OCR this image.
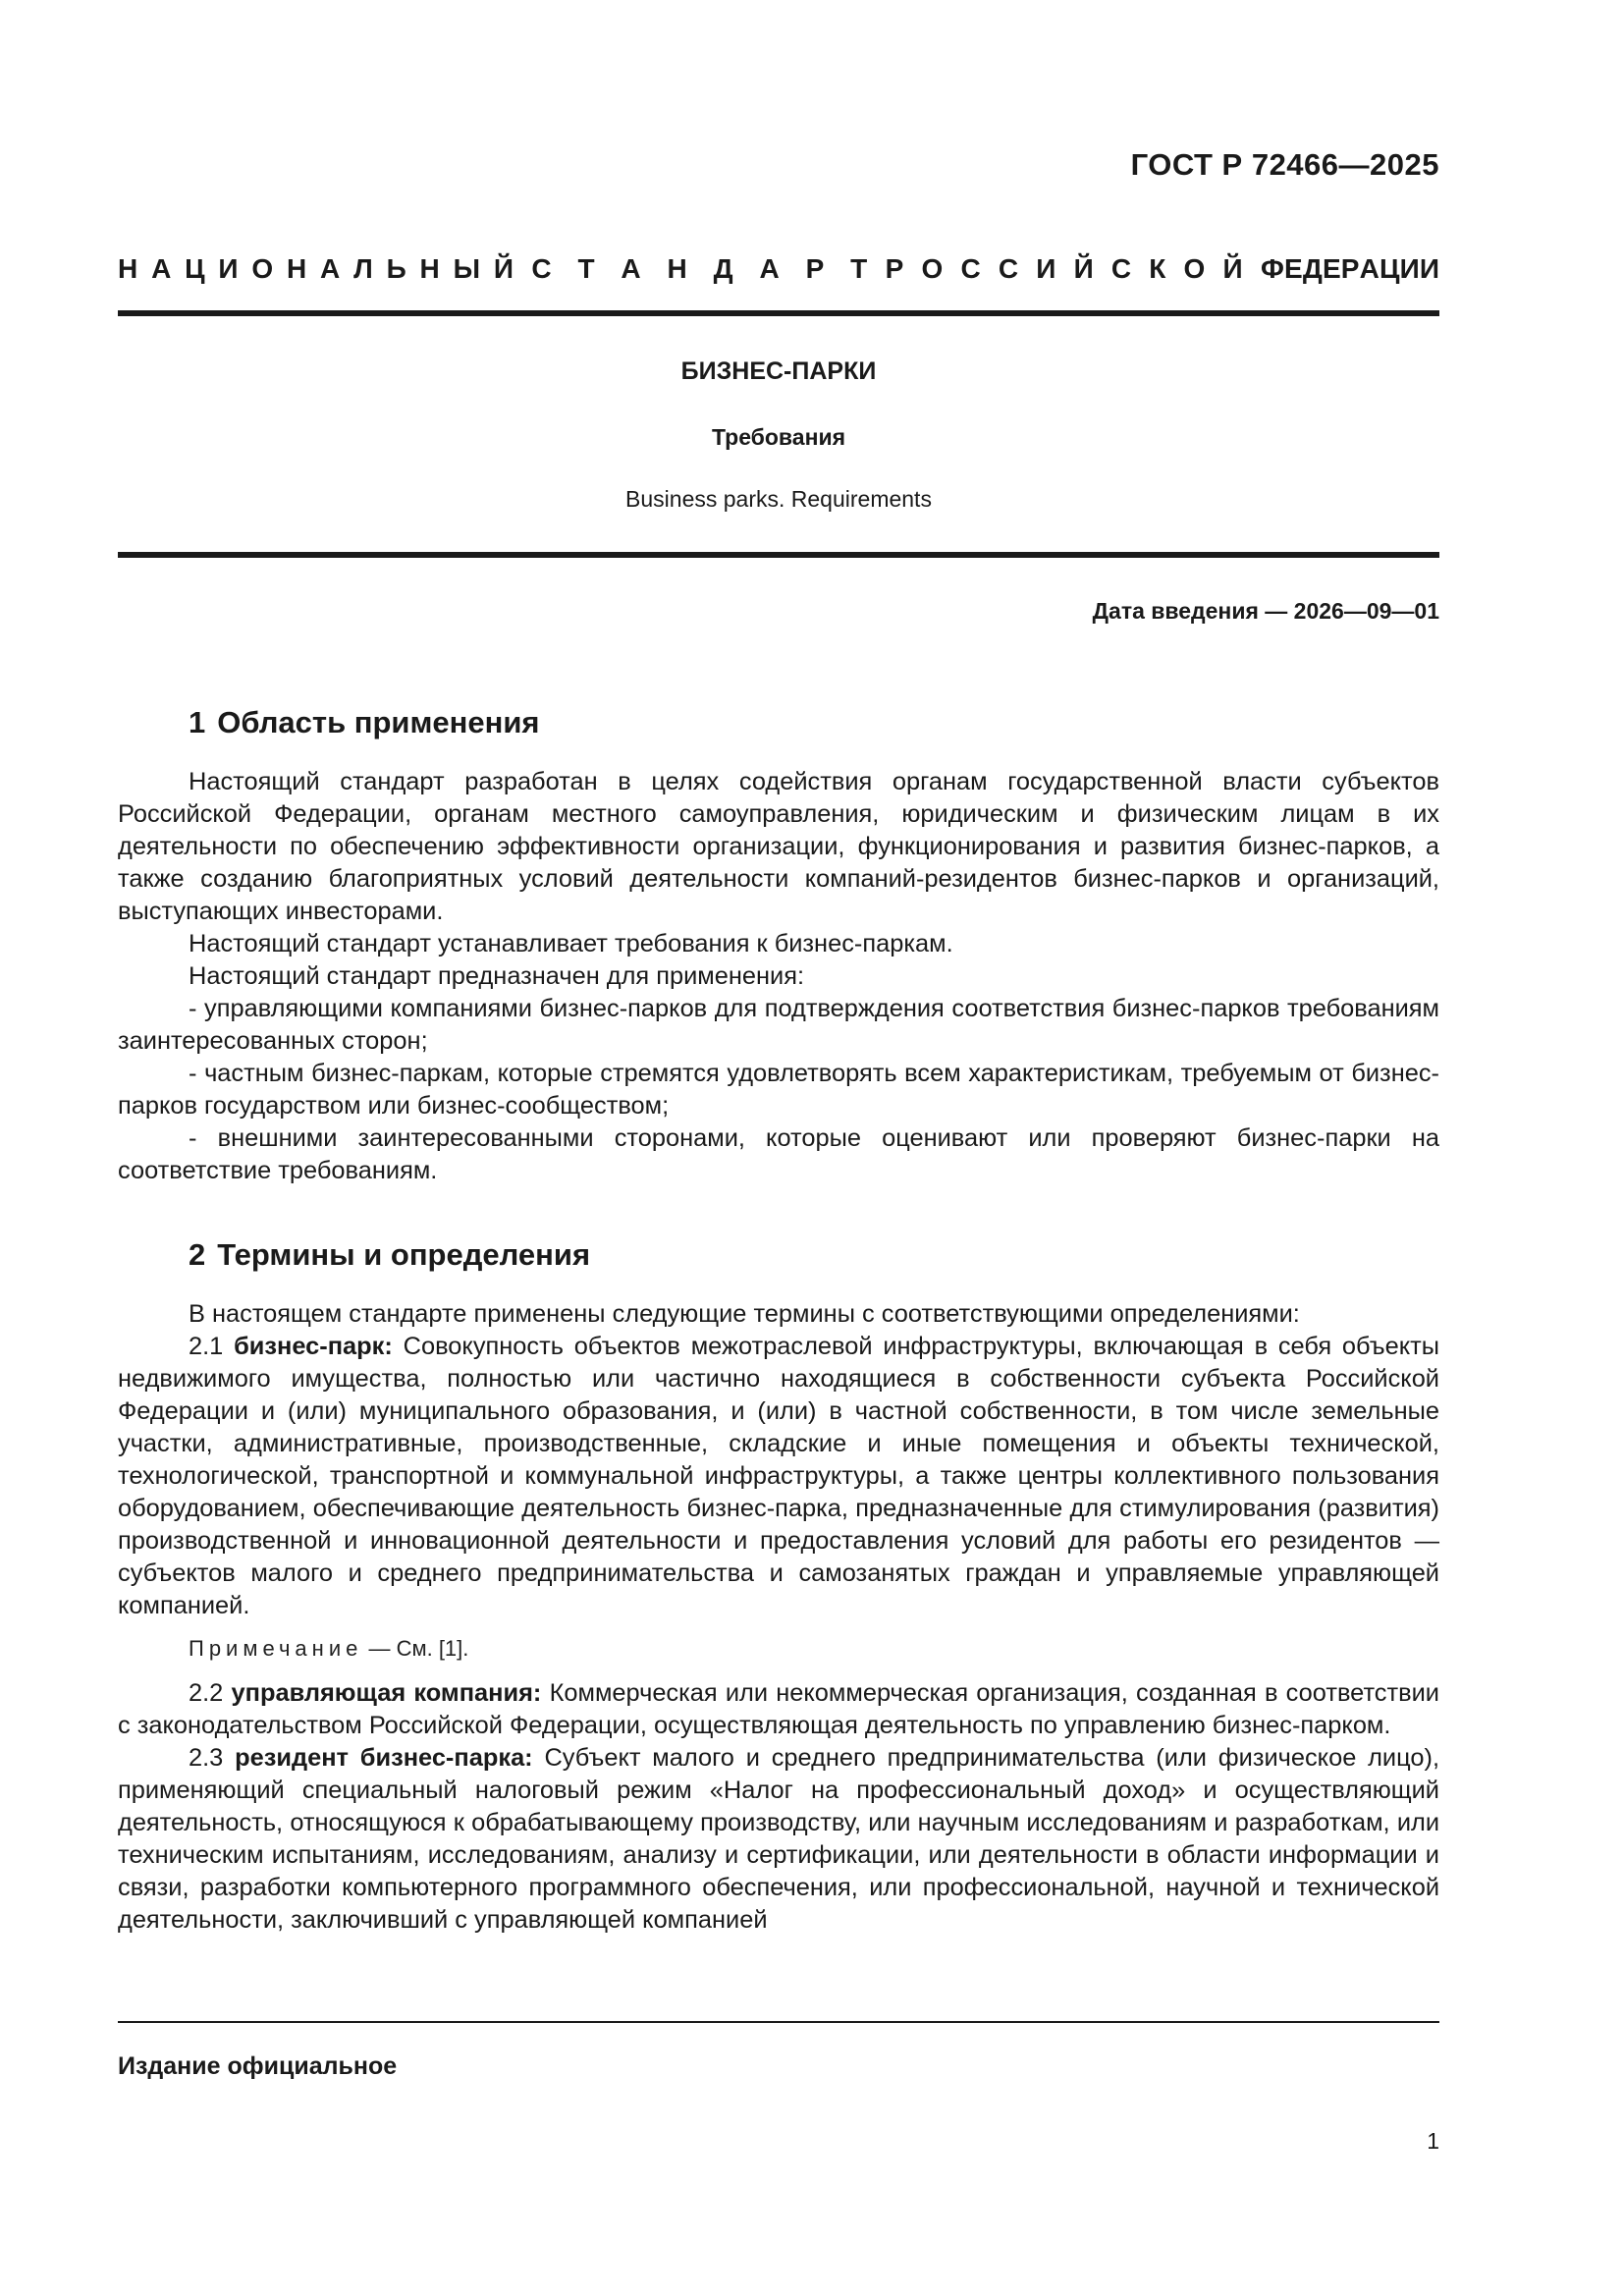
ГОСТ Р 72466—2025
Н А Ц И О Н А Л Ь Н Ы Й С Т А Н Д А Р Т Р О С С И Й С К О Й Ф Е Д Е Р А Ц И И
БИЗНЕС-ПАРКИ
Требования
Business parks. Requirements
Дата введения — 2026—09—01
1 Область применения

Настоящий стандарт разработан в целях содействия органам государственной власти субъектов Российской Федерации, органам местного самоуправления, юридическим и физическим лицам в их деятельности по обеспечению эффективности организации, функционирования и развития бизнес-парков, а также созданию благоприятных условий деятельности компаний-резидентов бизнес-парков и организаций, выступающих инвесторами.

Настоящий стандарт устанавливает требования к бизнес-паркам.

Настоящий стандарт предназначен для применения:

- управляющими компаниями бизнес-парков для подтверждения соответствия бизнес-парков требованиям заинтересованных сторон;

- частным бизнес-паркам, которые стремятся удовлетворять всем характеристикам, требуемым от бизнес-парков государством или бизнес-сообществом;

- внешними заинтересованными сторонами, которые оценивают или проверяют бизнес-парки на соответствие требованиям.

2 Термины и определения

В настоящем стандарте применены следующие термины с соответствующими определениями:

2.1 бизнес-парк: Совокупность объектов межотраслевой инфраструктуры, включающая в себя объекты недвижимого имущества, полностью или частично находящиеся в собственности субъекта Российской Федерации и (или) муниципального образования, и (или) в частной собственности, в том числе земельные участки, административные, производственные, складские и иные помещения и объекты технической, технологической, транспортной и коммунальной инфраструктуры, а также центры коллективного пользования оборудованием, обеспечивающие деятельность бизнес-парка, предназначенные для стимулирования (развития) производственной и инновационной деятельности и предоставления условий для работы его резидентов — субъектов малого и среднего предпринимательства и самозанятых граждан и управляемые управляющей компанией.

Примечание — См. [1].

2.2 управляющая компания: Коммерческая или некоммерческая организация, созданная в соответствии с законодательством Российской Федерации, осуществляющая деятельность по управлению бизнес-парком.

2.3 резидент бизнес-парка: Субъект малого и среднего предпринимательства (или физическое лицо), применяющий специальный налоговый режим «Налог на профессиональный доход» и осуществляющий деятельность, относящуюся к обрабатывающему производству, или научным исследованиям и разработкам, или техническим испытаниям, исследованиям, анализу и сертификации, или деятельности в области информации и связи, разработки компьютерного программного обеспечения, или профессиональной, научной и технической деятельности, заключивший с управляющей компанией

Издание официальное
1
